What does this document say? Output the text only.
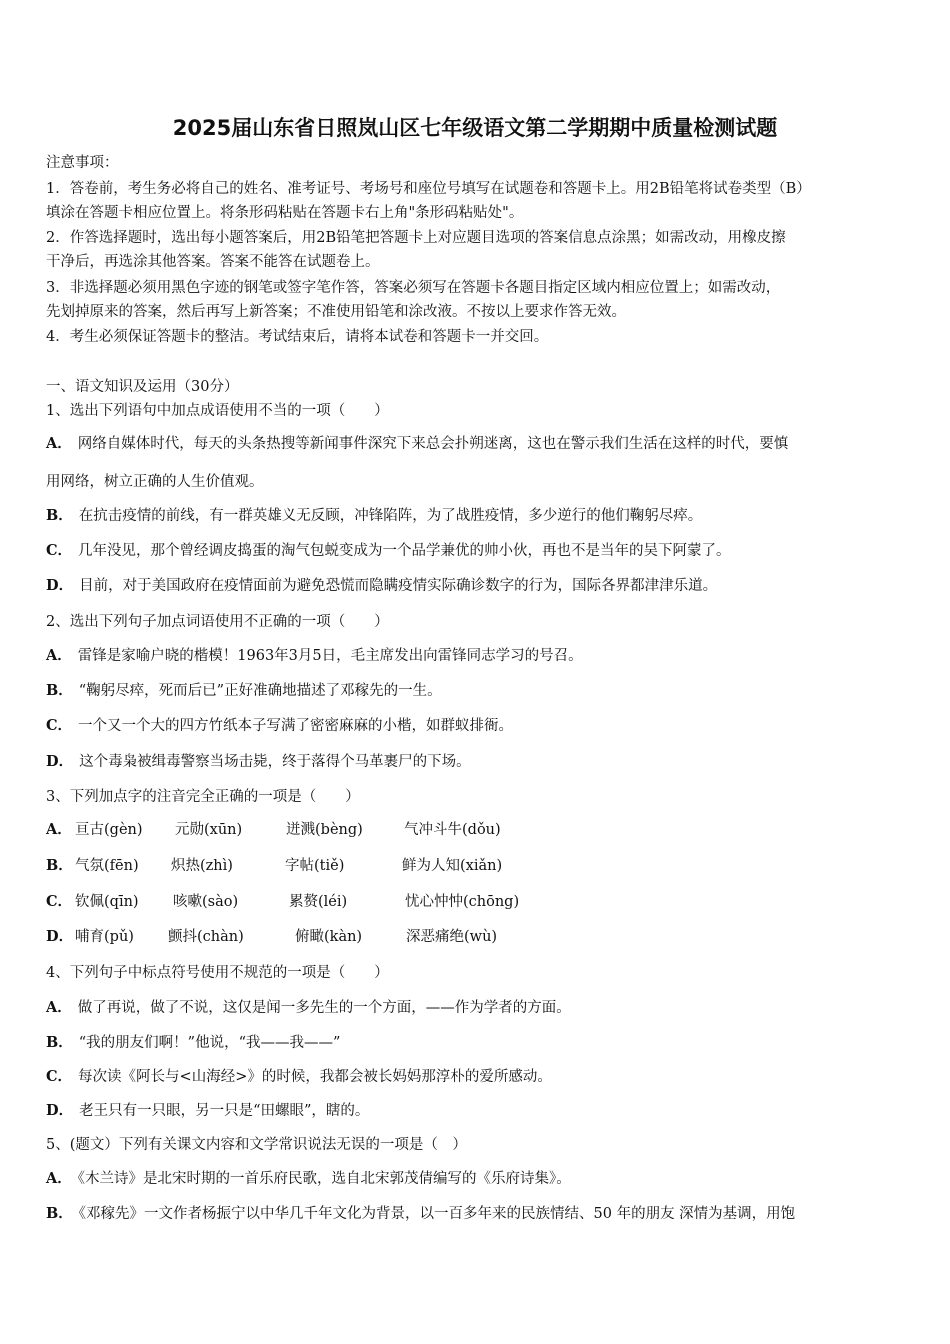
2025届山东省日照岚山区七年级语文第二学期期中质量检测试题
注意事项：
1．答卷前，考生务必将自己的姓名、准考证号、考场号和座位号填写在试题卷和答题卡上。用2B铅笔将试卷类型（B）
填涂在答题卡相应位置上。将条形码粘贴在答题卡右上角"条形码粘贴处"。
2．作答选择题时，选出每小题答案后，用2B铅笔把答题卡上对应题目选项的答案信息点涂黑；如需改动，用橡皮擦
干净后，再选涂其他答案。答案不能答在试题卷上。
3．非选择题必须用黑色字迹的钢笔或签字笔作答，答案必须写在答题卡各题目指定区域内相应位置上；如需改动，
先划掉原来的答案，然后再写上新答案；不准使用铅笔和涂改液。不按以上要求作答无效。
4．考生必须保证答题卡的整洁。考试结束后，请将本试卷和答题卡一并交回。
一、语文知识及运用（30分）
1、选出下列语句中加点成语使用不当的一项（　　）
A． 网络自媒体时代，每天的头条热搜等新闻事件深究下来总会扑朔迷离，这也在警示我们生活在这样的时代，要慎
用网络，树立正确的人生价值观。
B． 在抗击疫情的前线，有一群英雄义无反顾，冲锋陷阵，为了战胜疫情，多少逆行的他们鞠躬尽瘁。
C． 几年没见，那个曾经调皮捣蛋的淘气包蜕变成为一个品学兼优的帅小伙，再也不是当年的吴下阿蒙了。
D． 目前，对于美国政府在疫情面前为避免恐慌而隐瞒疫情实际确诊数字的行为，国际各界都津津乐道。
2、选出下列句子加点词语使用不正确的一项（　　）
A． 雷锋是家喻户晓的楷模！1963年3月5日，毛主席发出向雷锋同志学习的号召。
B． “鞠躬尽瘁，死而后已”正好准确地描述了邓稼先的一生。
C． 一个又一个大的四方竹纸本子写满了密密麻麻的小楷，如群蚁排衙。
D． 这个毒枭被缉毒警察当场击毙，终于落得个马革裹尸的下场。
3、下列加点字的注音完全正确的一项是（　　）
A． 亘古(gèn) 元勋(xūn)	迸溅(bèng)	气冲斗牛(dǒu)
B． 气氛(fēn) 炽热(zhì)	字帖(tiě)	鲜为人知(xiǎn)
C． 钦佩(qīn) 咳嗽(sào)	累赘(léi)	忧心忡忡(chōng)
D． 哺育(pǔ) 颤抖(chàn)	俯瞰(kàn)	深恶痛绝(wù)
4、下列句子中标点符号使用不规范的一项是（　　）
A． 做了再说，做了不说，这仅是闻一多先生的一个方面，——作为学者的方面。
B． “我的朋友们啊！”他说，“我——我——”
C． 每次读《阿长与<山海经>》的时候，我都会被长妈妈那淳朴的爱所感动。
D． 老王只有一只眼，另一只是“田螺眼”，瞎的。
5、(题文）下列有关课文内容和文学常识说法无误的一项是（　）
A． 《木兰诗》是北宋时期的一首乐府民歌，选自北宋郭茂倩编写的《乐府诗集》。
B． 《邓稼先》一文作者杨振宁以中华几千年文化为背景，以一百多年来的民族情结、50 年的朋友 深情为基调，用饱
